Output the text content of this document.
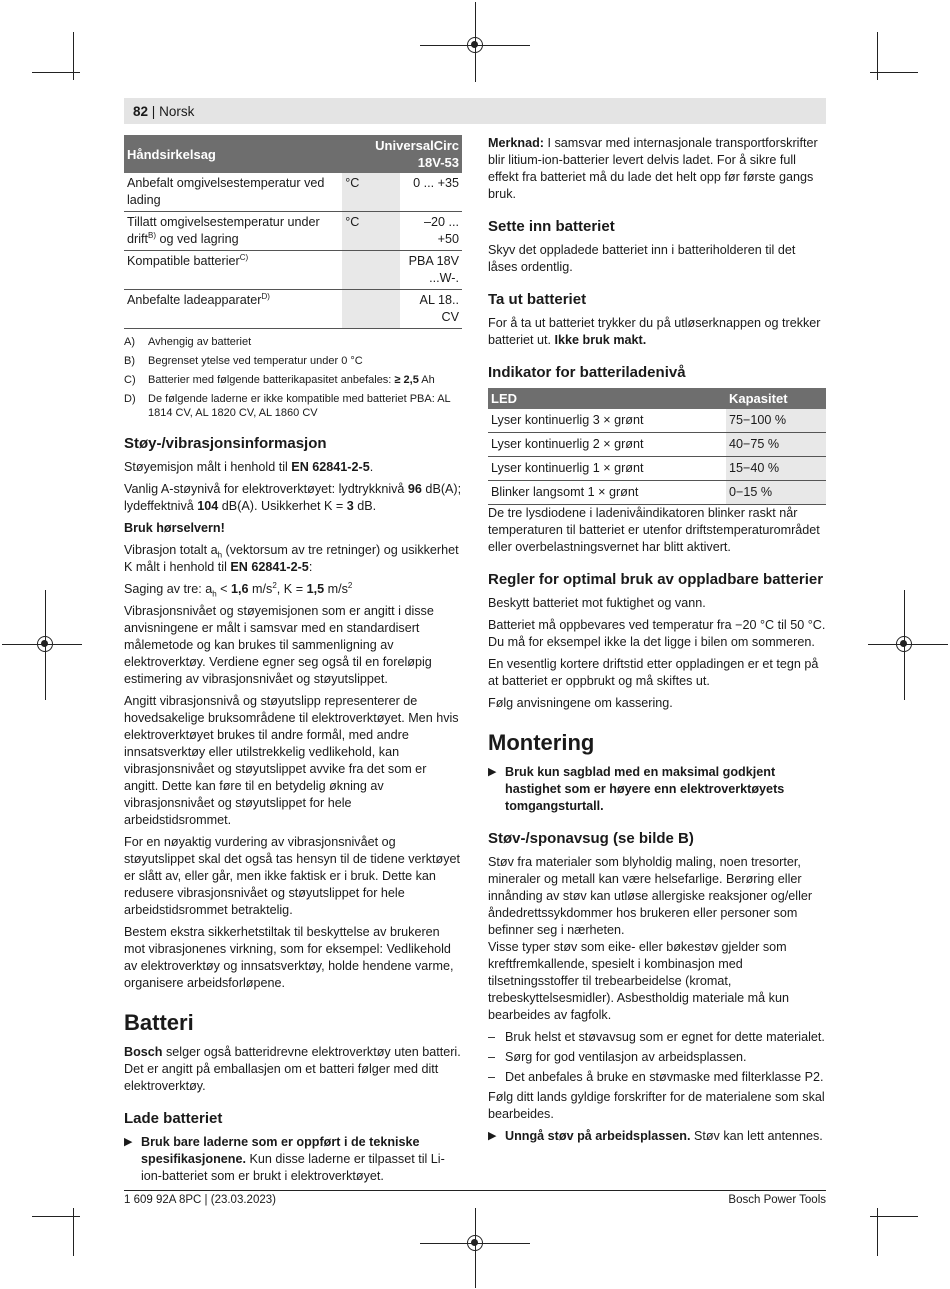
82 | Norsk
Håndsirkelsag	UniversalCirc 18V-53	
Anbefalt omgivelsestemperatur ved lading	°C	0 ... +35
Tillatt omgivelsestemperatur under drift$^{B)}$ og ved lagring	°C	–20 ... +50
Kompatible batterier$^{C)}$		PBA 18V ...W-.
Anbefalte ladeapparater$^{D)}$		AL 18.. CV
A)	Avhengig av batteriet
B)	Begrenset ytelse ved temperatur under 0 °C
C)	Batterier med følgende batterikapasitet anbefales: ≥ 2,5 Ah
D)	De følgende laderne er ikke kompatible med batteriet PBA: AL 1814 CV, AL 1820 CV, AL 1860 CV
Støy-/vibrasjonsinformasjon

Støyemisjon målt i henhold til EN 62841-2-5.

Vanlig A-støynivå for elektroverktøyet: lydtrykknivå 96 dB(A); lydeffektnivå 104 dB(A). Usikkerhet K = 3 dB.

Bruk hørselvern!

Vibrasjon totalt $a_h$ (vektorsum av tre retninger) og usikkerhet K målt i henhold til EN 62841-2-5:

Saging av tre: $a_h < 1,6$ $m/s^2$, K = 1,5 $m/s^2$

Vibrasjonsnivået og støyemisjonen som er angitt i disse anvisningene er målt i samsvar med en standardisert målemetode og kan brukes til sammenligning av elektroverktøy. Verdiene egner seg også til en foreløpig estimering av vibrasjonsnivået og støyutslippet.

Angitt vibrasjonsnivå og støyutslipp representerer de hovedsakelige bruksområdene til elektroverktøyet. Men hvis elektroverktøyet brukes til andre formål, med andre innsatsverktøy eller utilstrekkelig vedlikehold, kan vibrasjonsnivået og støyutslippet avvike fra det som er angitt. Dette kan føre til en betydelig økning av vibrasjonsnivået og støyutslippet for hele arbeidstidsrommet.

For en nøyaktig vurdering av vibrasjonsnivået og støyutslippet skal det også tas hensyn til de tidene verktøyet er slått av, eller går, men ikke faktisk er i bruk. Dette kan redusere vibrasjonsnivået og støyutslippet for hele arbeidstidsrommet betraktelig.

Bestem ekstra sikkerhetstiltak til beskyttelse av brukeren mot vibrasjonenes virkning, som for eksempel: Vedlikehold av elektroverktøy og innsatsverktøy, holde hendene varme, organisere arbeidsforløpene.

Batteri

Bosch selger også batteridrevne elektroverktøy uten batteri. Det er angitt på emballasjen om et batteri følger med ditt elektroverktøy.

Lade batteriet
▶ Bruk bare laderne som er oppført i de tekniske spesifikasjonene. Kun disse laderne er tilpasset til Li-ion-batteriet som er brukt i elektroverktøyet.

Merknad: I samsvar med internasjonale transportforskrifter blir litium-ion-batterier levert delvis ladet. For å sikre full effekt fra batteriet må du lade det helt opp før første gangs bruk.

Sette inn batteriet

Skyv det oppladede batteriet inn i batteriholderen til det låses ordentlig.

Ta ut batteriet

For å ta ut batteriet trykker du på utløserknappen og trekker batteriet ut. Ikke bruk makt.

Indikator for batteriladenivå
LED	Kapasitet
Lyser kontinuerlig 3 × grønt	75−100 %
Lyser kontinuerlig 2 × grønt	40−75 %
Lyser kontinuerlig 1 × grønt	15−40 %
Blinker langsomt 1 × grønt	0−15 %

De tre lysdiodene i ladenivåindikatoren blinker raskt når temperaturen til batteriet er utenfor driftstemperaturområdet eller overbelastningsvernet har blitt aktivert.

Regler for optimal bruk av oppladbare batterier

Beskytt batteriet mot fuktighet og vann.

Batteriet må oppbevares ved temperatur fra −20 °C til 50 °C. Du må for eksempel ikke la det ligge i bilen om sommeren.

En vesentlig kortere driftstid etter oppladingen er et tegn på at batteriet er oppbrukt og må skiftes ut.

Følg anvisningene om kassering.

Montering
▶ Bruk kun sagblad med en maksimal godkjent hastighet som er høyere enn elektroverktøyets tomgangsturtall.
Støv-/sponavsug (se bilde B)

Støv fra materialer som blyholdig maling, noen tresorter, mineraler og metall kan være helsefarlige. Berøring eller innånding av støv kan utløse allergiske reaksjoner og/eller åndedrettssykdommer hos brukeren eller personer som befinner seg i nærheten.

Visse typer støv som eike- eller bøkestøv gjelder som kreftfremkallende, spesielt i kombinasjon med tilsetningsstoffer til trebearbeidelse (kromat, trebeskyttelsesmidler). Asbestholdig materiale må kun bearbeides av fagfolk.

– Bruk helst et støvavsug som er egnet for dette materialet.
– Sørg for god ventilasjon av arbeidsplassen.
– Det anbefales å bruke en støvmaske med filterklasse P2.

Følg ditt lands gyldige forskrifter for de materialene som skal bearbeides.

▶ Unngå støv på arbeidsplassen. Støv kan lett antennes.
1 609 92A 8PC | (23.03.2023)	Bosch Power Tools
